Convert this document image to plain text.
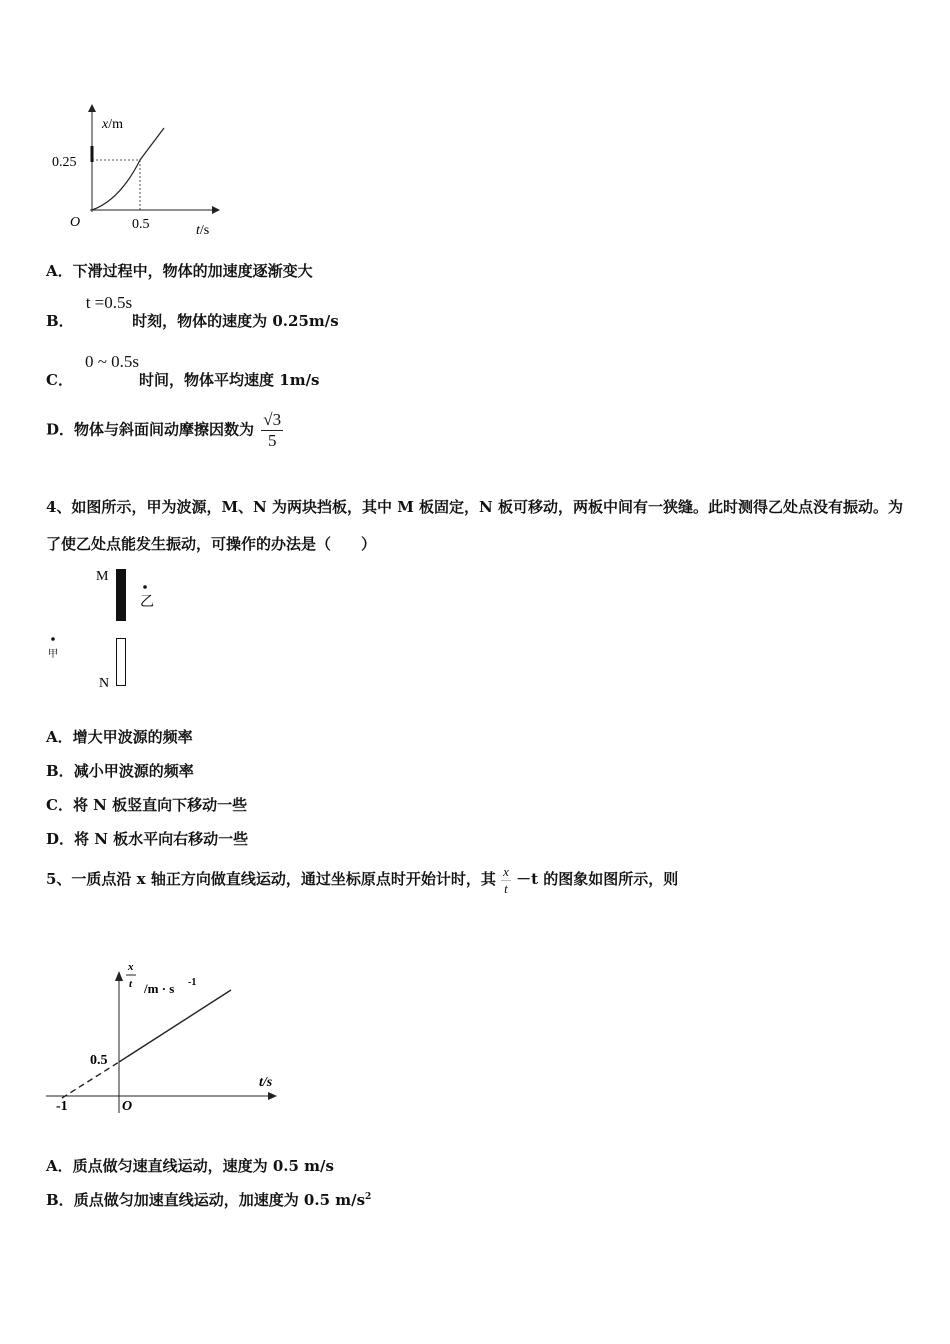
x/m
0.25
O	0.5	t/s
A．下滑过程中，物体的加速度逐渐变大
B．t =0.5s时刻，物体的速度为 0.25m/s
C．0 ~ 0.5s时间，物体平均速度 1m/s
D．物体与斜面间动摩擦因数为 $\frac{√3}{5}$
4、如图所示，甲为波源，M、N 为两块挡板，其中 M 板固定，N 板可移动，两板中间有一狭缝。此时测得乙处点没有振动。为了使乙处点能发生振动，可操作的办法是（　　）
M
乙
甲
N
A．增大甲波源的频率
B．减小甲波源的频率
C．将 N 板竖直向下移动一些
D．将 N 板水平向右移动一些
5、一质点沿 x 轴正方向做直线运动，通过坐标原点时开始计时，其 $\frac{x}{t} -t$ 的图象如图所示，则
x
t /m · s -1
t/s
0.5
-1	O
A．质点做匀速直线运动，速度为 0.5 m/s
B．质点做匀加速直线运动，加速度为 0.5 $m/s^2$
